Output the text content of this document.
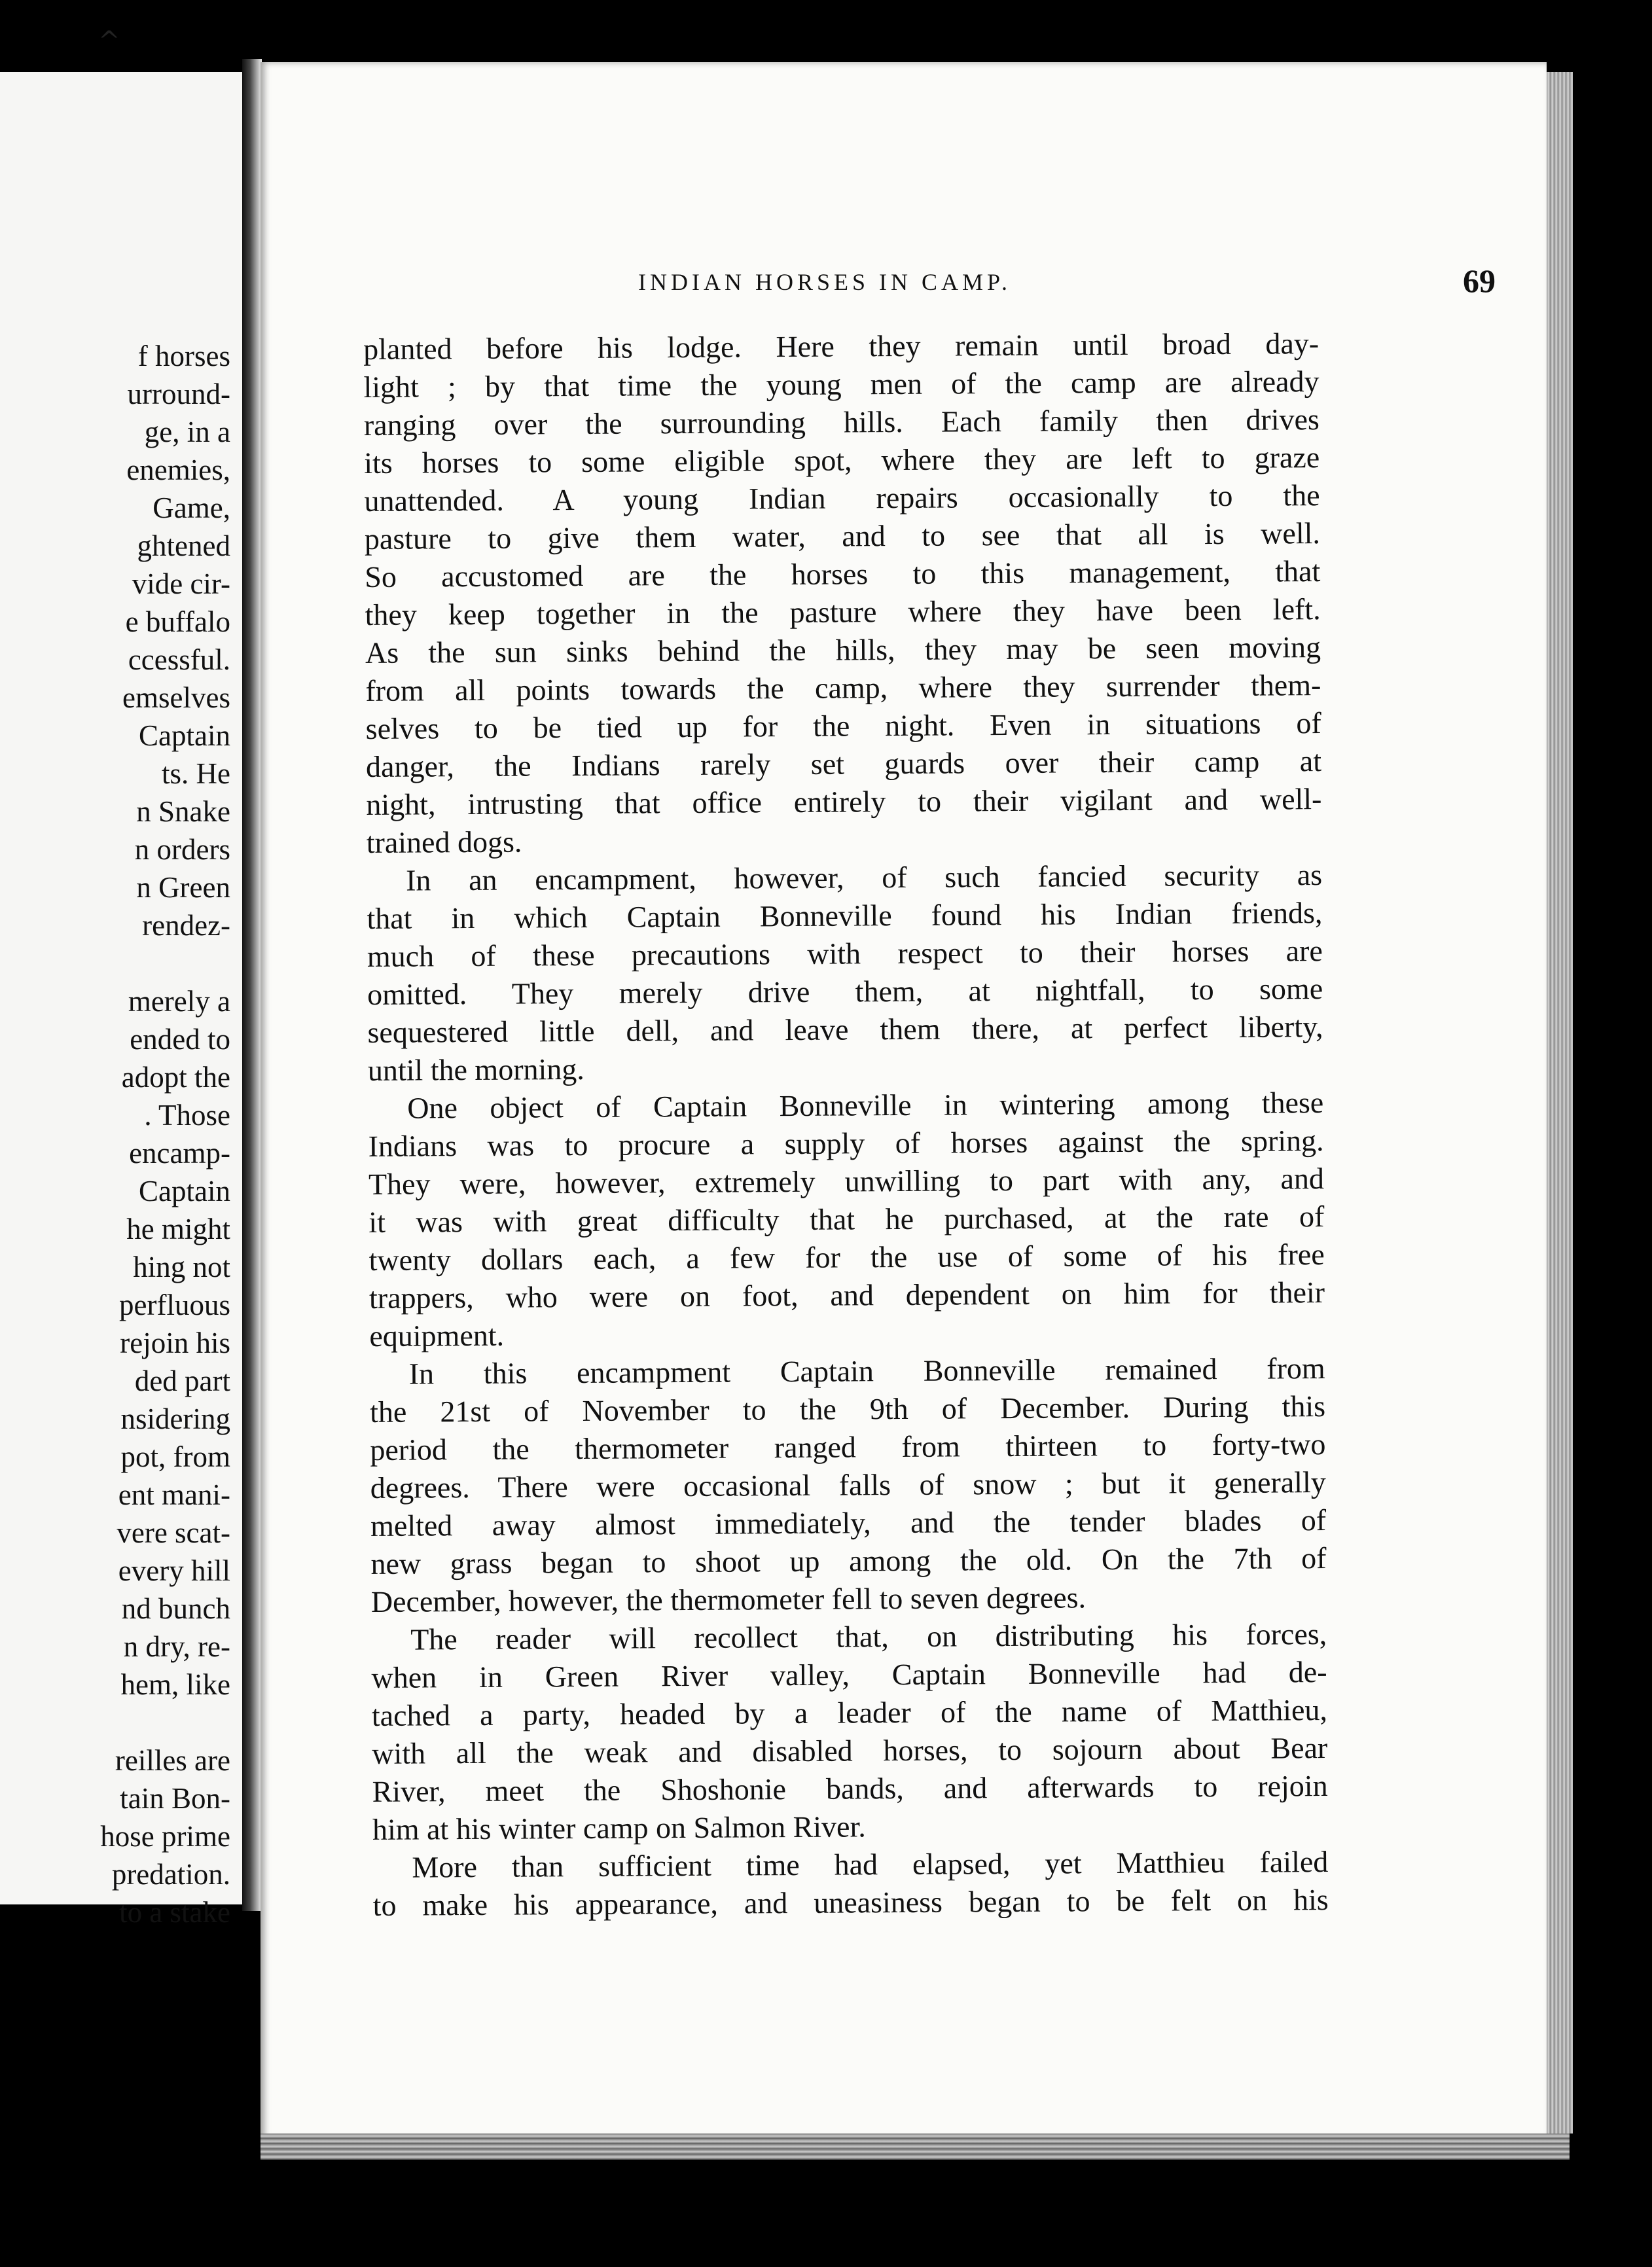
f horses
urround-
ge, in a
enemies,
Game,
ghtened
vide cir-
e buffalo
ccessful.
emselves
Captain
ts. He
n Snake
n orders
n Green
rendez-
merely a
ended to
adopt the
. Those
encamp-
Captain
he might
hing not
perfluous
rejoin his
ded part
nsidering
pot, from
ent mani-
vere scat-
every hill
nd bunch
n dry, re-
hem, like
reilles are
tain Bon-
hose prime
predation.
to a stake
INDIAN HORSES IN CAMP.	69
planted before his lodge. Here they remain until broad day-
light ; by that time the young men of the camp are already
ranging over the surrounding hills. Each family then drives
its horses to some eligible spot, where they are left to graze
unattended. A young Indian repairs occasionally to the
pasture to give them water, and to see that all is well.
So accustomed are the horses to this management, that
they keep together in the pasture where they have been left.
As the sun sinks behind the hills, they may be seen moving
from all points towards the camp, where they surrender them-
selves to be tied up for the night. Even in situations of
danger, the Indians rarely set guards over their camp at
night, intrusting that office entirely to their vigilant and well-
trained dogs.
In an encampment, however, of such fancied security as
that in which Captain Bonneville found his Indian friends,
much of these precautions with respect to their horses are
omitted. They merely drive them, at nightfall, to some
sequestered little dell, and leave them there, at perfect liberty,
until the morning.
One object of Captain Bonneville in wintering among these
Indians was to procure a supply of horses against the spring.
They were, however, extremely unwilling to part with any, and
it was with great difficulty that he purchased, at the rate of
twenty dollars each, a few for the use of some of his free
trappers, who were on foot, and dependent on him for their
equipment.
In this encampment Captain Bonneville remained from
the 21st of November to the 9th of December. During this
period the thermometer ranged from thirteen to forty-two
degrees. There were occasional falls of snow ; but it generally
melted away almost immediately, and the tender blades of
new grass began to shoot up among the old. On the 7th of
December, however, the thermometer fell to seven degrees.
The reader will recollect that, on distributing his forces,
when in Green River valley, Captain Bonneville had de-
tached a party, headed by a leader of the name of Matthieu,
with all the weak and disabled horses, to sojourn about Bear
River, meet the Shoshonie bands, and afterwards to rejoin
him at his winter camp on Salmon River.
More than sufficient time had elapsed, yet Matthieu failed
to make his appearance, and uneasiness began to be felt on his
^
